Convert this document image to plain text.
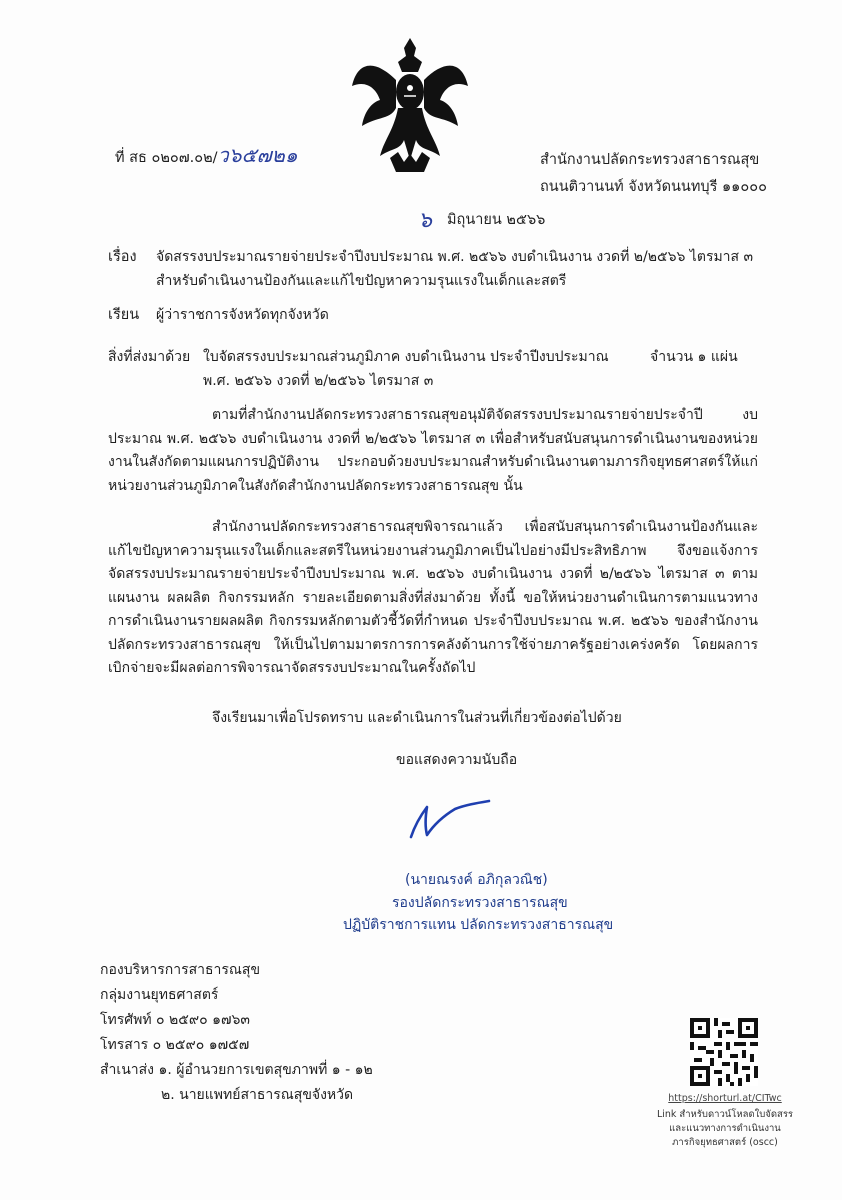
ที่ สธ ๐๒๐๗.๐๒/ว๖๕๗๒๑	สำนักงานปลัดกระทรวงสาธารณสุข
ถนนติวานนท์ จังหวัดนนทบุรี ๑๑๐๐๐
๖ มิถุนายน ๒๕๖๖
เรื่อง จัดสรรงบประมาณรายจ่ายประจำปีงบประมาณ พ.ศ. ๒๕๖๖ งบดำเนินงาน งวดที่ ๒/๒๕๖๖ ไตรมาส ๓
สำหรับดำเนินงานป้องกันและแก้ไขปัญหาความรุนแรงในเด็กและสตรี
เรียน ผู้ว่าราชการจังหวัดทุกจังหวัด
สิ่งที่ส่งมาด้วย ใบจัดสรรงบประมาณส่วนภูมิภาค งบดำเนินงาน ประจำปีงบประมาณ	จำนวน ๑ แผ่น
พ.ศ. ๒๕๖๖ งวดที่ ๒/๒๕๖๖ ไตรมาส ๓
ตามที่สำนักงานปลัดกระทรวงสาธารณสุขอนุมัติจัดสรรงบประมาณรายจ่ายประจำปี งบประมาณ พ.ศ. ๒๕๖๖ งบดำเนินงาน งวดที่ ๒/๒๕๖๖ ไตรมาส ๓ เพื่อสำหรับสนับสนุนการดำเนินงานของหน่วยงานในสังกัดตามแผนการปฏิบัติงาน ประกอบด้วยงบประมาณสำหรับดำเนินงานตามภารกิจยุทธศาสตร์ให้แก่หน่วยงานส่วนภูมิภาคในสังกัดสำนักงานปลัดกระทรวงสาธารณสุข นั้น
สำนักงานปลัดกระทรวงสาธารณสุขพิจารณาแล้ว เพื่อสนับสนุนการดำเนินงานป้องกันและแก้ไขปัญหาความรุนแรงในเด็กและสตรีในหน่วยงานส่วนภูมิภาคเป็นไปอย่างมีประสิทธิภาพ จึงขอแจ้งการจัดสรรงบประมาณรายจ่ายประจำปีงบประมาณ พ.ศ. ๒๕๖๖ งบดำเนินงาน งวดที่ ๒/๒๕๖๖ ไตรมาส ๓ ตามแผนงาน ผลผลิต กิจกรรมหลัก รายละเอียดตามสิ่งที่ส่งมาด้วย ทั้งนี้ ขอให้หน่วยงานดำเนินการตามแนวทางการดำเนินงานรายผลผลิต กิจกรรมหลักตามตัวชี้วัดที่กำหนด ประจำปีงบประมาณ พ.ศ. ๒๕๖๖ ของสำนักงานปลัดกระทรวงสาธารณสุข ให้เป็นไปตามมาตรการการคลังด้านการใช้จ่ายภาครัฐอย่างเคร่งครัด โดยผลการเบิกจ่ายจะมีผลต่อการพิจารณาจัดสรรงบประมาณในครั้งถัดไป
จึงเรียนมาเพื่อโปรดทราบ และดำเนินการในส่วนที่เกี่ยวข้องต่อไปด้วย
ขอแสดงความนับถือ
(นายณรงค์ อภิกุลวณิช)
รองปลัดกระทรวงสาธารณสุข
ปฏิบัติราชการแทน ปลัดกระทรวงสาธารณสุข
กองบริหารการสาธารณสุข
กลุ่มงานยุทธศาสตร์
โทรศัพท์ ๐ ๒๕๙๐ ๑๗๖๓
โทรสาร ๐ ๒๕๙๐ ๑๗๕๗
สำเนาส่ง ๑. ผู้อำนวยการเขตสุขภาพที่ ๑ - ๑๒
๒. นายแพทย์สาธารณสุขจังหวัด	https://shorturl.at/CITwc
Link สำหรับดาวน์โหลดใบจัดสรร
และแนวทางการดำเนินงาน
ภารกิจยุทธศาสตร์ (oscc)
